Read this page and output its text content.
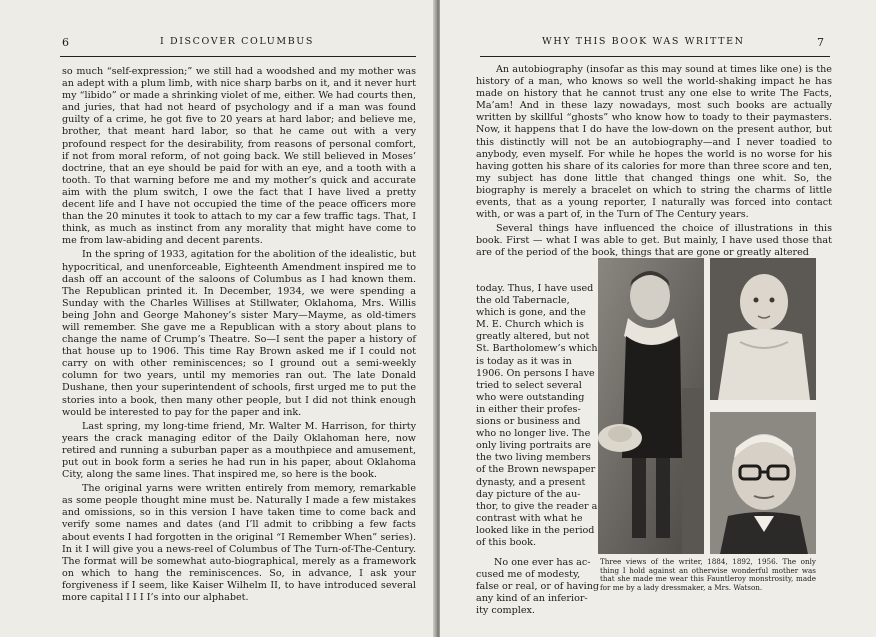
6	I DISCOVER COLUMBUS

so much “self-expression;” we still had a woodshed and my mother was an adept with a plum limb, with nice sharp barbs on it, and it never hurt my “libido” or made a shrinking violet of me, either. We had courts then, and juries, that had not heard of psychology and if a man was found guilty of a crime, he got five to 20 years at hard labor; and believe me, brother, that meant hard labor, so that he came out with a very profound respect for the desirability, from reasons of personal comfort, if not from moral reform, of not going back. We still believed in Moses’ doctrine, that an eye should be paid for with an eye, and a tooth with a tooth. To that warning before me and my mother’s quick and accurate aim with the plum switch, I owe the fact that I have lived a pretty decent life and I have not occupied the time of the peace officers more than the 20 minutes it took to attach to my car a few traffic tags. That, I think, as much as instinct from any morality that might have come to me from law-abiding and decent parents.

In the spring of 1933, agitation for the abolition of the idealistic, but hypocritical, and unenforceable, Eighteenth Amendment inspired me to dash off an account of the saloons of Columbus as I had known them. The Republican printed it. In December, 1934, we were spending a Sunday with the Charles Willises at Stillwater, Oklahoma, Mrs. Willis being John and George Mahoney’s sister Mary—Mayme, as old-timers will remember. She gave me a Republican with a story about plans to change the name of Crump’s Theatre. So—I sent the paper a history of that house up to 1906. This time Ray Brown asked me if I could not carry on with other reminiscences; so I ground out a semi-weekly column for two years, until my memories ran out. The late Donald Dushane, then your superintendent of schools, first urged me to put the stories into a book, then many other people, but I did not think enough would be interested to pay for the paper and ink.

Last spring, my long-time friend, Mr. Walter M. Harrison, for thirty years the crack managing editor of the Daily Oklahoman here, now retired and running a suburban paper as a mouthpiece and amusement, put out in book form a series he had run in his paper, about Oklahoma City, along the same lines. That inspired me, so here is the book.

The original yarns were written entirely from memory, remarkable as some people thought mine must be. Naturally I made a few mistakes and omissions, so in this version I have taken time to come back and verify some names and dates (and I’ll admit to cribbing a few facts about events I had forgotten in the original “I Remember When” series). In it I will give you a news-reel of Columbus of The Turn-of-The-Century. The format will be somewhat auto-biographical, merely as a framework on which to hang the reminiscences. So, in advance, I ask your forgiveness if I seem, like Kaiser Wilhelm II, to have introduced several more capital I I I I’s into our alphabet.

WHY THIS BOOK WAS WRITTEN	7

An autobiography (insofar as this may sound at times like one) is the history of a man, who knows so well the world-shaking impact he has made on history that he cannot trust any one else to write The Facts, Ma’am! And in these lazy nowadays, most such books are actually written by skillful “ghosts” who know how to toady to their paymasters. Now, it happens that I do have the low-down on the present author, but this distinctly will not be an autobiography—and I never toadied to anybody, even myself. For while he hopes the world is no worse for his having gotten his share of its calories for more than three score and ten, my subject has done little that changed things one whit. So, the biography is merely a bracelet on which to string the charms of little events, that as a young reporter, I naturally was forced into contact with, or was a part of, in the Turn of The Century years.

Several things have influenced the choice of illustrations in this book. First — what I was able to get. But mainly, I have used those that are of the period of the book, things that are gone or greatly altered

today. Thus, I have used
the old Tabernacle,
which is gone, and the
M. E. Church which is
greatly altered, but not
St. Bartholomew’s which
is today as it was in
1906. On persons I have
tried to select several
who were outstanding
in either their profes-
sions or business and
who no longer live. The
only living portraits are
the two living members
of the Brown newspaper
dynasty, and a present
day picture of the au-
thor, to give the reader a
contrast with what he
looked like in the period
of this book.
No one ever has ac-
cused me of modesty,
false or real, or of having
any kind of an inferior-
ity complex.
Three views of the writer, 1884, 1892, 1956. The only thing I hold against an otherwise wonderful mother was that she made me wear this Fauntleroy monstrosity, made for me by a lady dressmaker, a Mrs. Watson.
